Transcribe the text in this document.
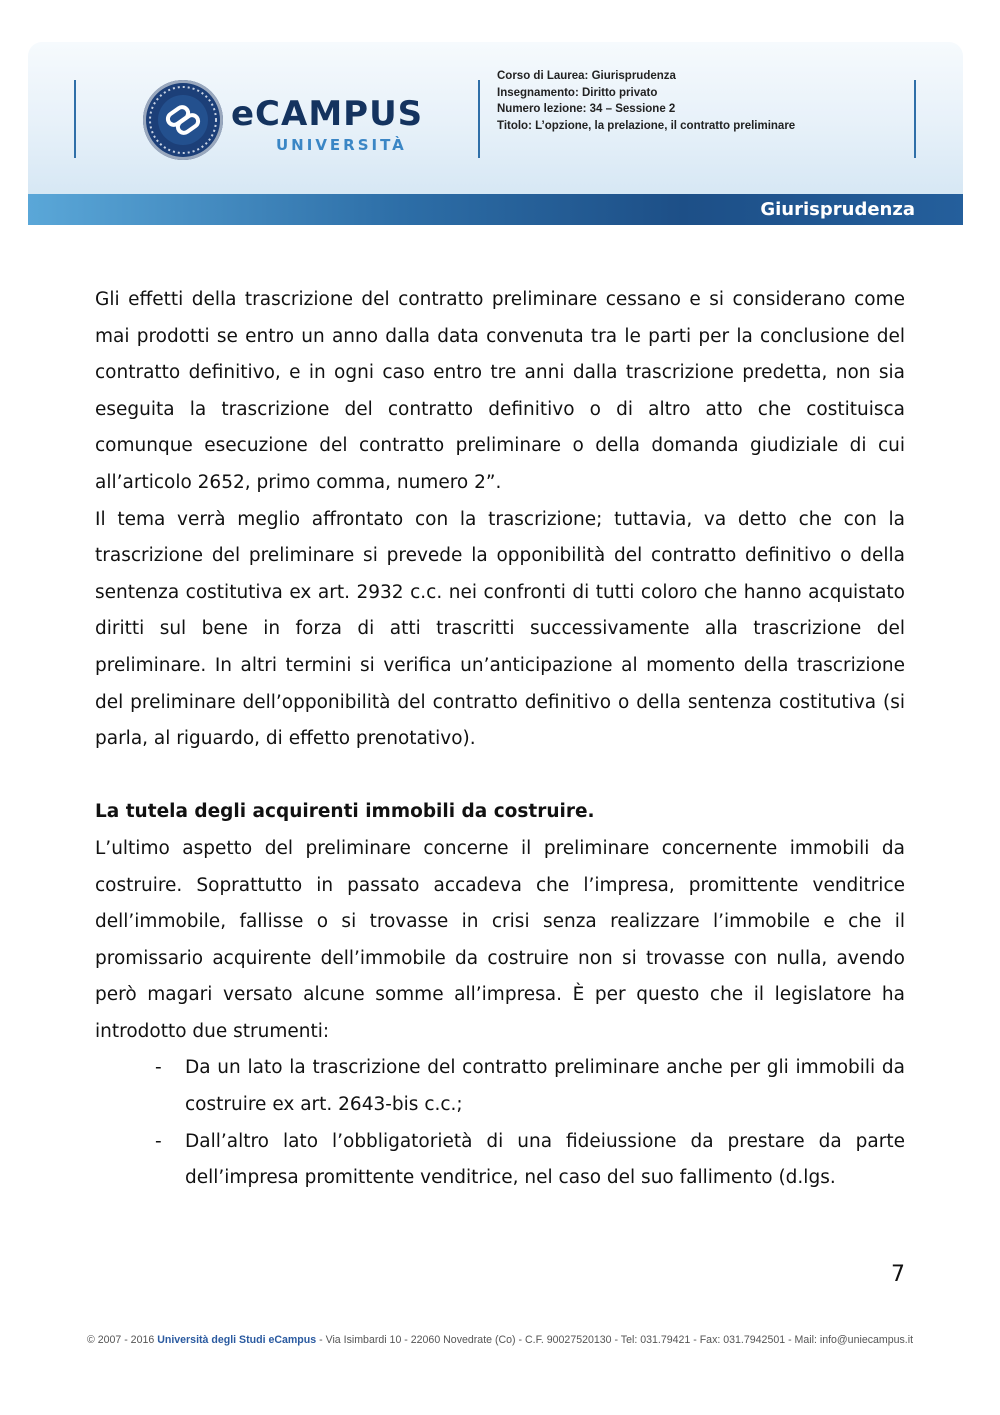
eCAMPUS
UNIVERSITÀ
Corso di Laurea: Giurisprudenza
Insegnamento: Diritto privato
Numero lezione: 34 – Sessione 2
Titolo: L’opzione, la prelazione, il contratto preliminare
Giurisprudenza

Gli effetti della trascrizione del contratto preliminare cessano e si considerano come mai prodotti se entro un anno dalla data convenuta tra le parti per la conclusione del contratto definitivo, e in ogni caso entro tre anni dalla trascrizione predetta, non sia eseguita la trascrizione del contratto definitivo o di altro atto che costituisca comunque esecuzione del contratto preliminare o della domanda giudiziale di cui all’articolo 2652, primo comma, numero 2”.

Il tema verrà meglio affrontato con la trascrizione; tuttavia, va detto che con la trascrizione del preliminare si prevede la opponibilità del contratto definitivo o della sentenza costitutiva ex art. 2932 c.c. nei confronti di tutti coloro che hanno acquistato diritti sul bene in forza di atti trascritti successivamente alla trascrizione del preliminare. In altri termini si verifica un’anticipazione al momento della trascrizione del preliminare dell’opponibilità del contratto definitivo o della sentenza costitutiva (si parla, al riguardo, di effetto prenotativo).

La tutela degli acquirenti immobili da costruire.

L’ultimo aspetto del preliminare concerne il preliminare concernente immobili da costruire. Soprattutto in passato accadeva che l’impresa, promittente venditrice dell’immobile, fallisse o si trovasse in crisi senza realizzare l’immobile e che il promissario acquirente dell’immobile da costruire non si trovasse con nulla, avendo però magari versato alcune somme all’impresa. È per questo che il legislatore ha introdotto due strumenti:

- Da un lato la trascrizione del contratto preliminare anche per gli immobili da costruire ex art. 2643-bis c.c.;
- Dall’altro lato l’obbligatorietà di una fideiussione da prestare da parte dell’impresa promittente venditrice, nel caso del suo fallimento (d.lgs.
7
© 2007 - 2016 Università degli Studi eCampus - Via Isimbardi 10 - 22060 Novedrate (Co) - C.F. 90027520130 - Tel: 031.79421 - Fax: 031.7942501 - Mail: info@uniecampus.it
